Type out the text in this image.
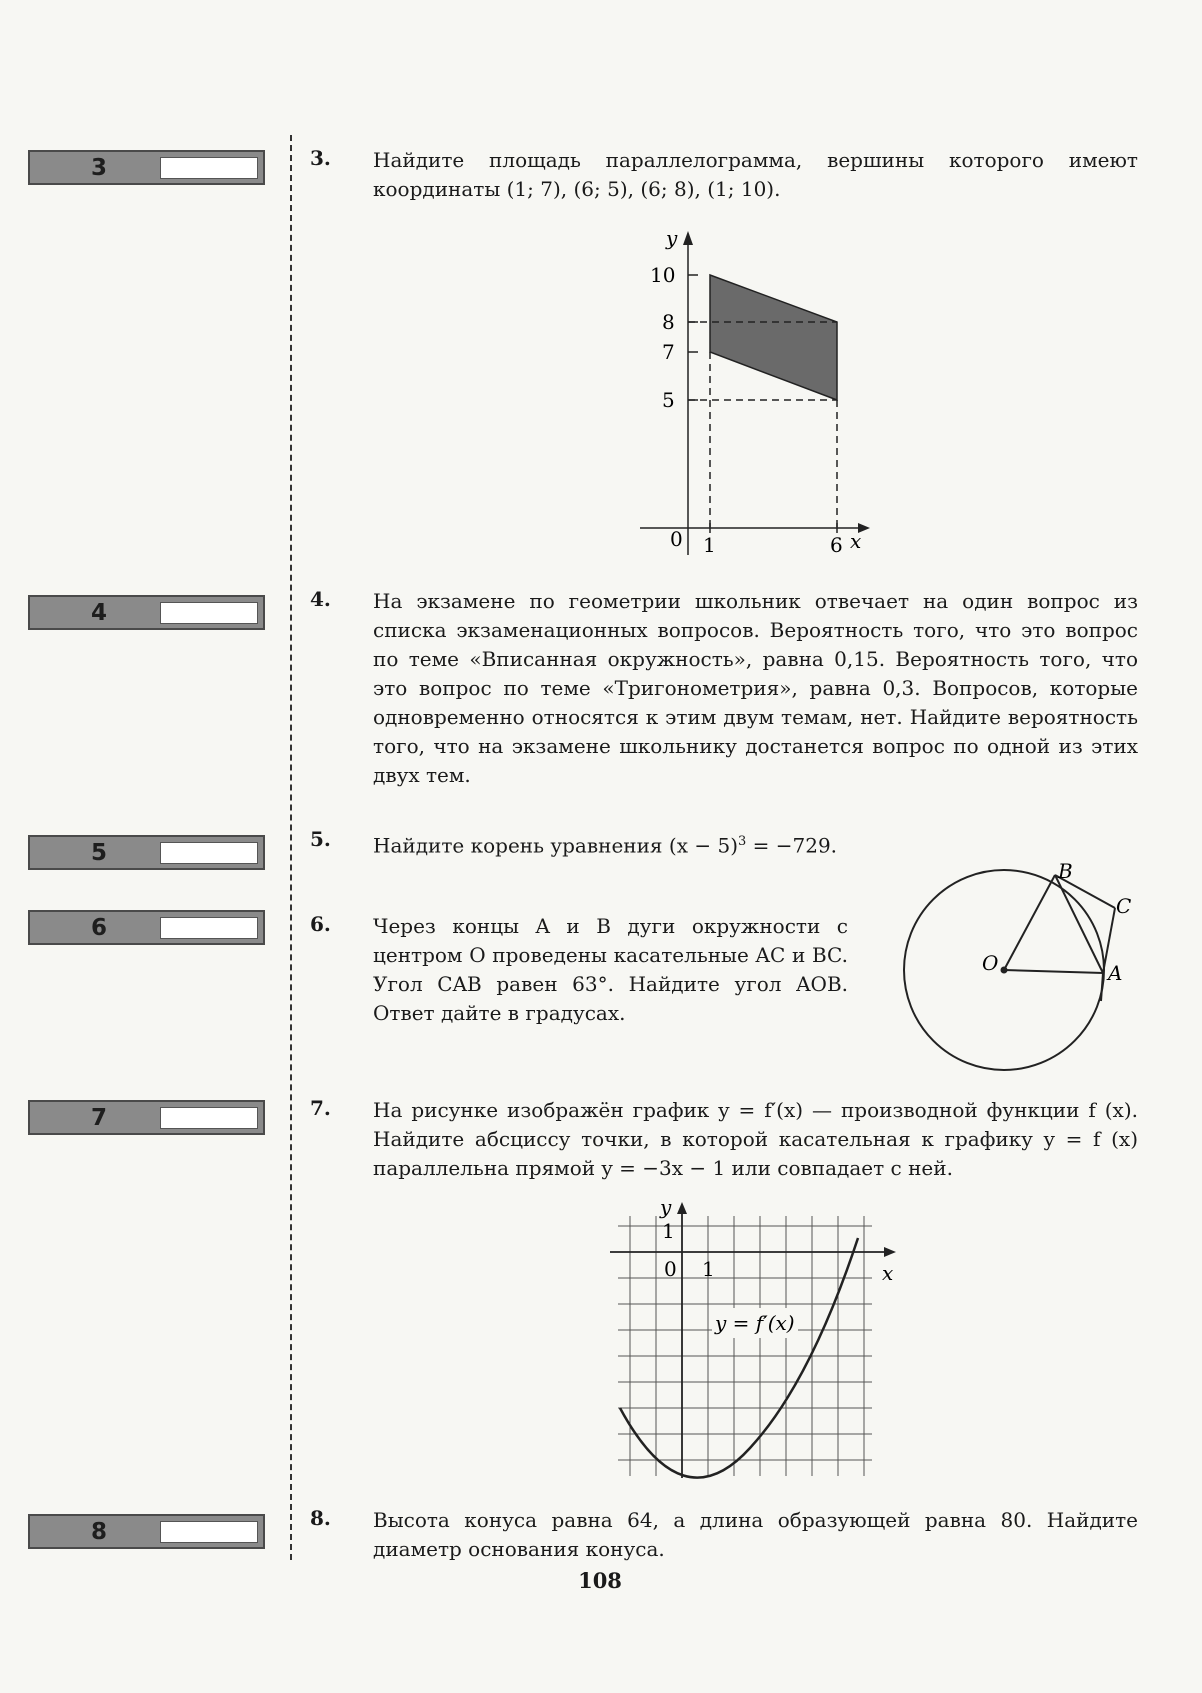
3	3. Найдите площадь параллелограмма, вершины которого имеют координаты (1; 7), (6; 5), (6; 8), (1; 10).
y
x
0 1	6
10
8
7
5
4
4. На экзамене по геометрии школьник отвечает на один вопрос из списка экзаменационных вопросов. Вероятность того, что это вопрос по теме «Вписанная окружность», равна 0,15. Вероятность того, что это вопрос по теме «Тригонометрия», равна 0,3. Вопросов, которые одновременно относятся к этим двум темам, нет. Найдите вероятность того, что на экзамене школьнику достанется вопрос по одной из этих двух тем.
5
5. Найдите корень уравнения $(x - 5)^3 = -729$.
6	6. Через концы A и B дуги окружности с центром O проведены касательные AC и BC. Угол CAB равен 63°. Найдите угол AOB. Ответ дайте в градусах.
O
B
C
A
7	7. На рисунке изображён график y = f′(x) — производной функции f (x). Найдите абсциссу точки, в которой касательная к графику y = f (x) параллельна прямой y = −3x − 1 или совпадает с ней.
y = f′(x)
y
x
0 1
1
8
8. Высота конуса равна 64, а длина образующей равна 80. Найдите диаметр основания конуса.
108
